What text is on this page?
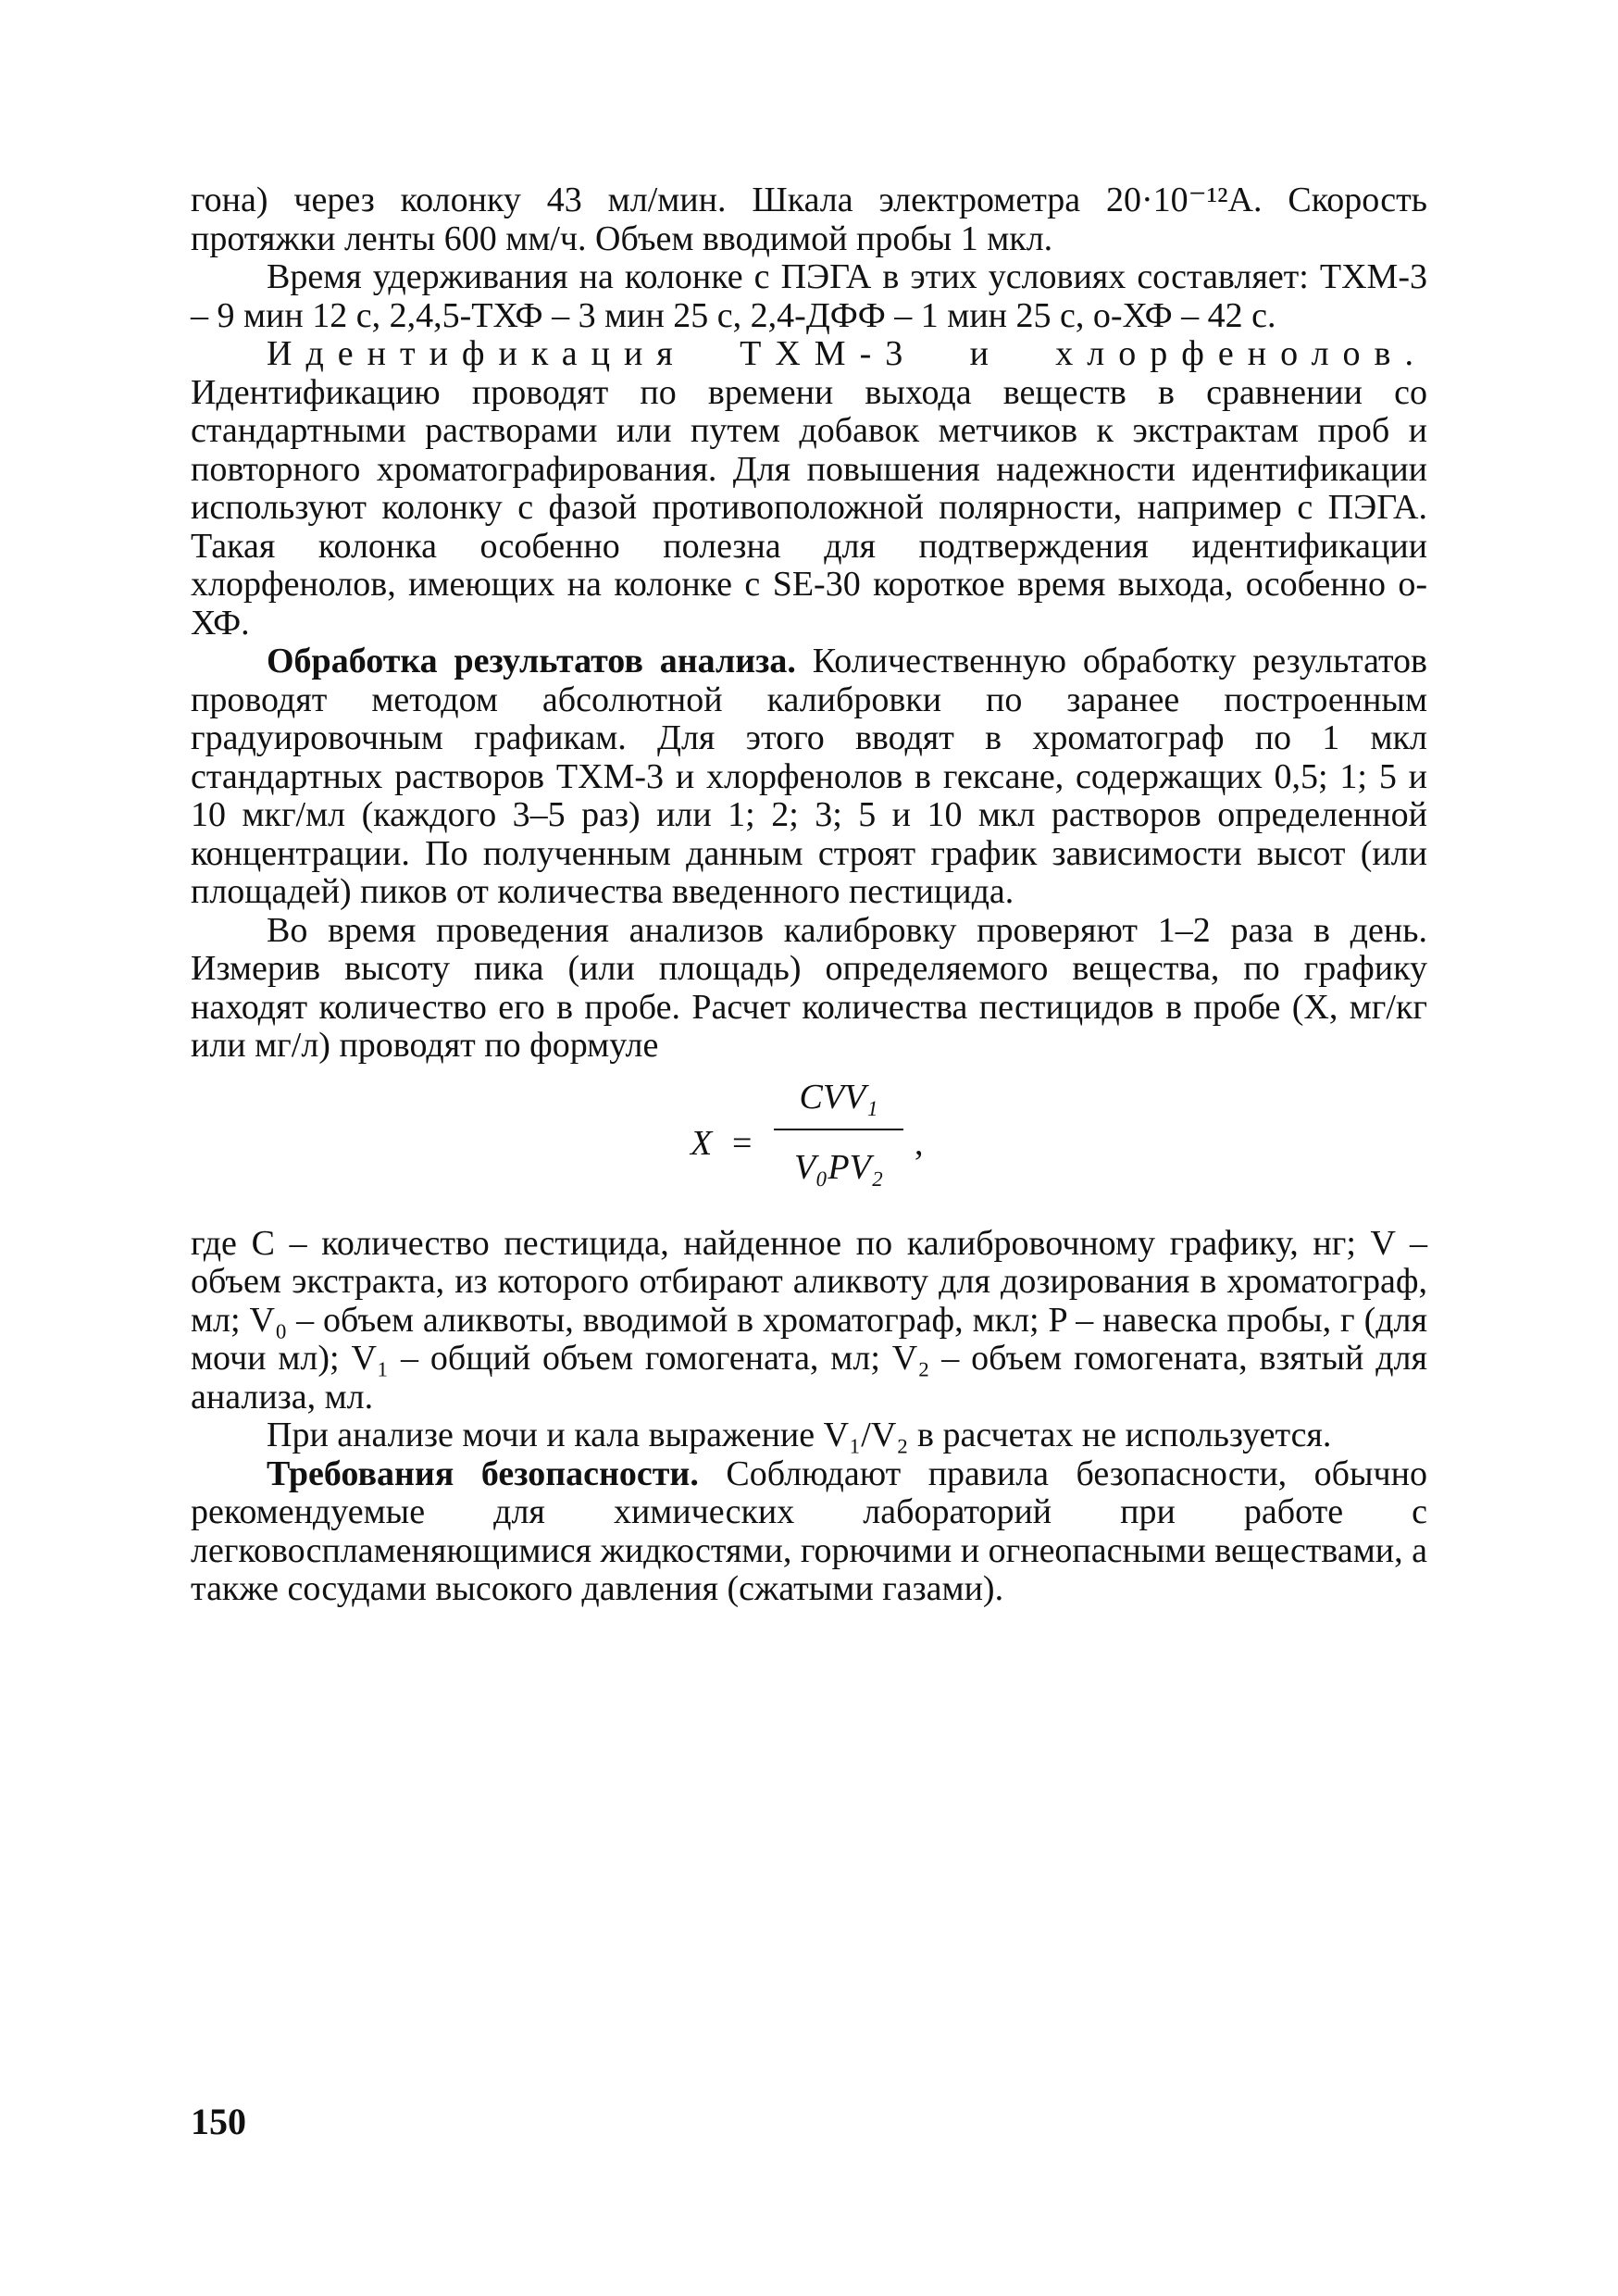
гона) через колонку 43 мл/мин. Шкала электрометра 20·10⁻¹²А. Скорость протяжки ленты 600 мм/ч. Объем вводимой пробы 1 мкл.

Время удерживания на колонке с ПЭГА в этих условиях составляет: ТХМ-3 – 9 мин 12 с, 2,4,5-ТХФ – 3 мин 25 с, 2,4-ДФФ – 1 мин 25 с, о-ХФ – 42 с.

Идентификация ТХМ-3 и хлорфенолов. Идентификацию проводят по времени выхода веществ в сравнении со стандартными растворами или путем добавок метчиков к экстрактам проб и повторного хроматографирования. Для повышения надежности идентификации используют колонку с фазой противоположной полярности, например с ПЭГА. Такая колонка особенно полезна для подтверждения идентификации хлорфенолов, имеющих на колонке с SE-30 короткое время выхода, особенно о-ХФ.

Обработка результатов анализа. Количественную обработку результатов проводят методом абсолютной калибровки по заранее построенным градуировочным графикам. Для этого вводят в хроматограф по 1 мкл стандартных растворов ТХМ-3 и хлорфенолов в гексане, содержащих 0,5; 1; 5 и 10 мкг/мл (каждого 3–5 раз) или 1; 2; 3; 5 и 10 мкл растворов определенной концентрации. По полученным данным строят график зависимости высот (или площадей) пиков от количества введенного пестицида.

Во время проведения анализов калибровку проверяют 1–2 раза в день. Измерив высоту пика (или площадь) определяемого вещества, по графику находят количество его в пробе. Расчет количества пестицидов в пробе (X, мг/кг или мг/л) проводят по формуле

X =
CVV₁
V₀PV₂
,

где C – количество пестицида, найденное по калибровочному графику, нг; V – объем экстракта, из которого отбирают аликвоту для дозирования в хроматограф, мл; V₀ – объем аликвоты, вводимой в хроматограф, мкл; P – навеска пробы, г (для мочи мл); V₁ – общий объем гомогената, мл; V₂ – объем гомогената, взятый для анализа, мл.

При анализе мочи и кала выражение V₁/V₂ в расчетах не используется.

Требования безопасности. Соблюдают правила безопасности, обычно рекомендуемые для химических лабораторий при работе с легковоспламеняющимися жидкостями, горючими и огнеопасными веществами, а также сосудами высокого давления (сжатыми газами).

150
